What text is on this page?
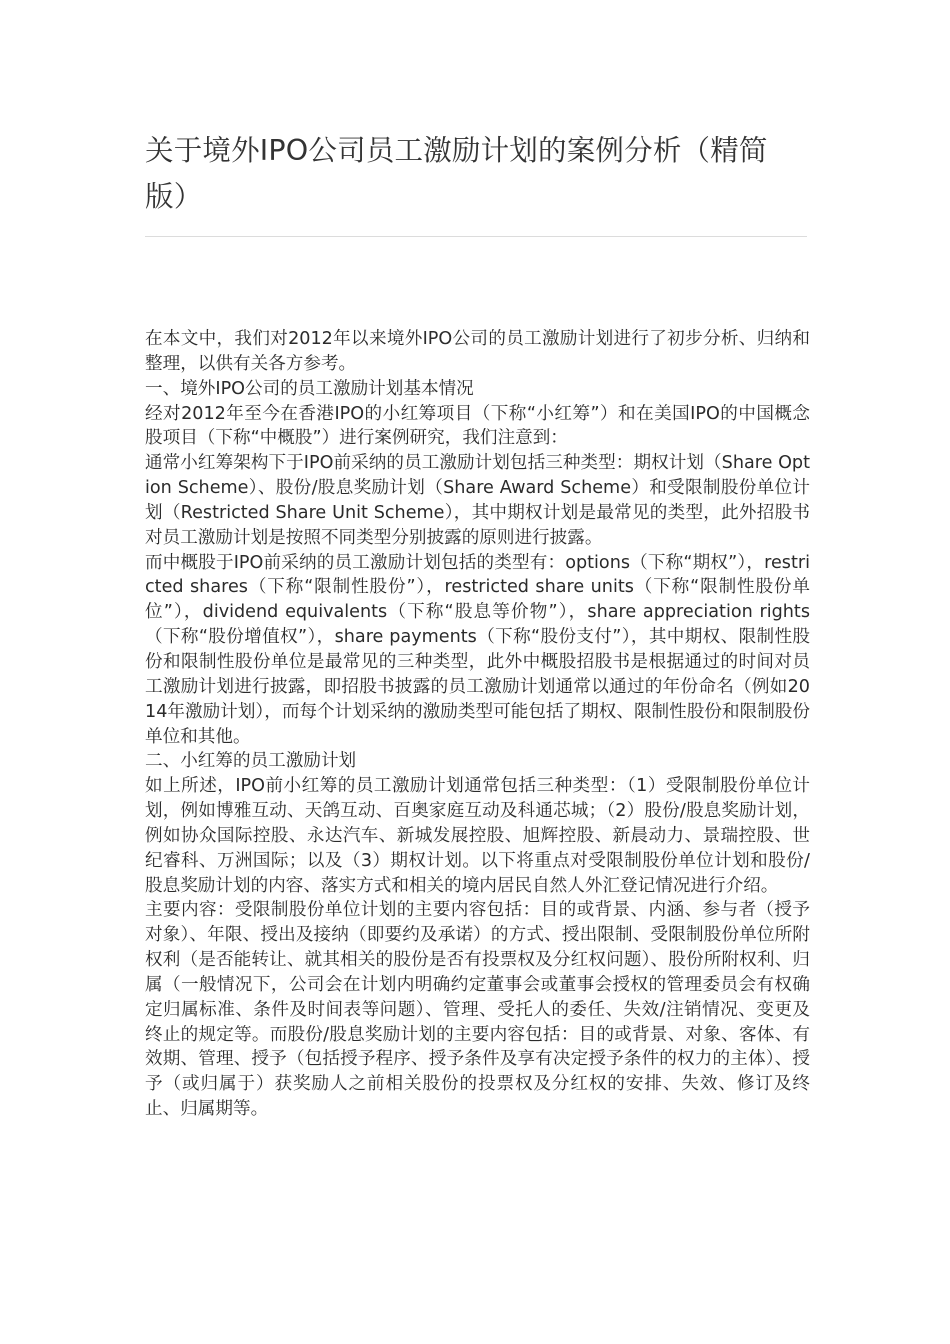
关于境外IPO公司员工激励计划的案例分析（精简版）

在本文中，我们对2012年以来境外IPO公司的员工激励计划进行了初步分析、归纳和整理，以供有关各方参考。

一、境外IPO公司的员工激励计划基本情况

经对2012年至今在香港IPO的小红筹项目（下称“小红筹”）和在美国IPO的中国概念股项目（下称“中概股”）进行案例研究，我们注意到：

通常小红筹架构下于IPO前采纳的员工激励计划包括三种类型：期权计划（Share Option Scheme）、股份/股息奖励计划（Share Award Scheme）和受限制股份单位计划（Restricted Share Unit Scheme），其中期权计划是最常见的类型，此外招股书对员工激励计划是按照不同类型分别披露的原则进行披露。

而中概股于IPO前采纳的员工激励计划包括的类型有：options（下称“期权”），restricted shares（下称“限制性股份”），restricted share units（下称“限制性股份单位”），dividend equivalents（下称“股息等价物”），share appreciation rights（下称“股份增值权”），share payments（下称“股份支付”），其中期权、限制性股份和限制性股份单位是最常见的三种类型，此外中概股招股书是根据通过的时间对员工激励计划进行披露，即招股书披露的员工激励计划通常以通过的年份命名（例如2014年激励计划），而每个计划采纳的激励类型可能包括了期权、限制性股份和限制股份单位和其他。

二、小红筹的员工激励计划

如上所述，IPO前小红筹的员工激励计划通常包括三种类型：（1）受限制股份单位计划，例如博雅互动、天鸽互动、百奥家庭互动及科通芯城；（2）股份/股息奖励计划，例如协众国际控股、永达汽车、新城发展控股、旭辉控股、新晨动力、景瑞控股、世纪睿科、万洲国际；以及（3）期权计划。以下将重点对受限制股份单位计划和股份/股息奖励计划的内容、落实方式和相关的境内居民自然人外汇登记情况进行介绍。

主要内容：受限制股份单位计划的主要内容包括：目的或背景、内涵、参与者（授予对象）、年限、授出及接纳（即要约及承诺）的方式、授出限制、受限制股份单位所附权利（是否能转让、就其相关的股份是否有投票权及分红权问题）、股份所附权利、归属（一般情况下，公司会在计划内明确约定董事会或董事会授权的管理委员会有权确定归属标准、条件及时间表等问题）、管理、受托人的委任、失效/注销情况、变更及终止的规定等。而股份/股息奖励计划的主要内容包括：目的或背景、对象、客体、有效期、管理、授予（包括授予程序、授予条件及享有决定授予条件的权力的主体）、授予（或归属于）获奖励人之前相关股份的投票权及分红权的安排、失效、修订及终止、归属期等。
